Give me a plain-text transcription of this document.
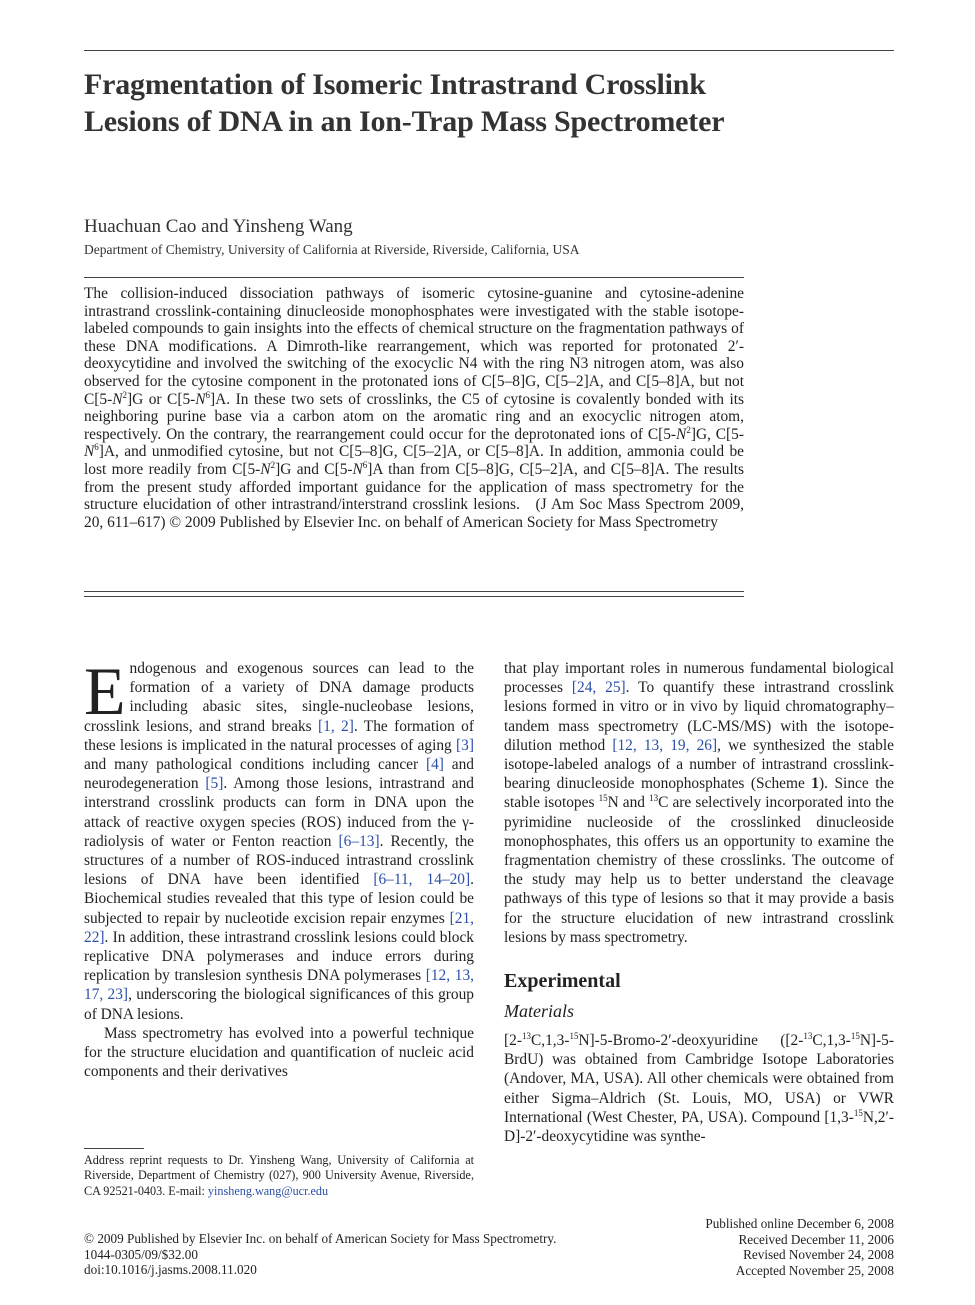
Fragmentation of Isomeric Intrastrand Crosslink Lesions of DNA in an Ion-Trap Mass Spectrometer
Huachuan Cao and Yinsheng Wang
Department of Chemistry, University of California at Riverside, Riverside, California, USA
The collision-induced dissociation pathways of isomeric cytosine-guanine and cytosine-adenine intrastrand crosslink-containing dinucleoside monophosphates were investigated with the stable isotope-labeled compounds to gain insights into the effects of chemical structure on the fragmentation pathways of these DNA modifications. A Dimroth-like rearrangement, which was reported for protonated 2′-deoxycytidine and involved the switching of the exocyclic N4 with the ring N3 nitrogen atom, was also observed for the cytosine component in the protonated ions of C[5–8]G, C[5–2]A, and C[5–8]A, but not $C[5-N^2]G$ or $C[5-N^6]A$. In these two sets of crosslinks, the C5 of cytosine is covalently bonded with its neighboring purine base via a carbon atom on the aromatic ring and an exocyclic nitrogen atom, respectively. On the contrary, the rearrangement could occur for the deprotonated ions of $C[5-N^2]G$, $C[5-N^6]A$, and unmodified cytosine, but not C[5–8]G, C[5–2]A, or C[5–8]A. In addition, ammonia could be lost more readily from $C[5-N^2]G$ and $C[5-N^6]A$ than from C[5–8]G, C[5–2]A, and C[5–8]A. The results from the present study afforded important guidance for the application of mass spectrometry for the structure elucidation of other intrastrand/interstrand crosslink lesions. (J Am Soc Mass Spectrom 2009, 20, 611–617) © 2009 Published by Elsevier Inc. on behalf of American Society for Mass Spectrometry

Endogenous and exogenous sources can lead to the formation of a variety of DNA damage products including abasic sites, single-nucleobase lesions, crosslink lesions, and strand breaks [1, 2]. The formation of these lesions is implicated in the natural processes of aging [3] and many pathological conditions including cancer [4] and neurodegeneration [5]. Among those lesions, intrastrand and interstrand crosslink products can form in DNA upon the attack of reactive oxygen species (ROS) induced from the γ-radiolysis of water or Fenton reaction [6–13]. Recently, the structures of a number of ROS-induced intrastrand crosslink lesions of DNA have been identified [6–11, 14–20]. Biochemical studies revealed that this type of lesion could be subjected to repair by nucleotide excision repair enzymes [21, 22]. In addition, these intrastrand crosslink lesions could block replicative DNA polymerases and induce errors during replication by translesion synthesis DNA polymerases [12, 13, 17, 23], underscoring the biological significances of this group of DNA lesions.

Mass spectrometry has evolved into a powerful technique for the structure elucidation and quantification of nucleic acid components and their derivatives

that play important roles in numerous fundamental biological processes [24, 25]. To quantify these intrastrand crosslink lesions formed in vitro or in vivo by liquid chromatography–tandem mass spectrometry (LC-MS/MS) with the isotope-dilution method [12, 13, 19, 26], we synthesized the stable isotope-labeled analogs of a number of intrastrand crosslink-bearing dinucleoside monophosphates (Scheme 1). Since the stable isotopes $^{15}$N and $^{13}$C are selectively incorporated into the pyrimidine nucleoside of the crosslinked dinucleoside monophosphates, this offers us an opportunity to examine the fragmentation chemistry of these crosslinks. The outcome of the study may help us to better understand the cleavage pathways of this type of lesions so that it may provide a basis for the structure elucidation of new intrastrand crosslink lesions by mass spectrometry.

Experimental
Materials

[2-$^{13}$C,1,3-$^{15}$N]-5-Bromo-2′-deoxyuridine ([2-$^{13}$C,1,3-$^{15}$N]-5-BrdU) was obtained from Cambridge Isotope Laboratories (Andover, MA, USA). All other chemicals were obtained from either Sigma–Aldrich (St. Louis, MO, USA) or VWR International (West Chester, PA, USA). Compound [1,3-$^{15}$N,2′-D]-2′-deoxycytidine was synthe-

Address reprint requests to Dr. Yinsheng Wang, University of California at Riverside, Department of Chemistry (027), 900 University Avenue, Riverside, CA 92521-0403. E-mail: yinsheng.wang@ucr.edu
© 2009 Published by Elsevier Inc. on behalf of American Society for Mass Spectrometry.
1044-0305/09/$32.00
doi:10.1016/j.jasms.2008.11.020
Published online December 6, 2008
Received December 11, 2006
Revised November 24, 2008
Accepted November 25, 2008
